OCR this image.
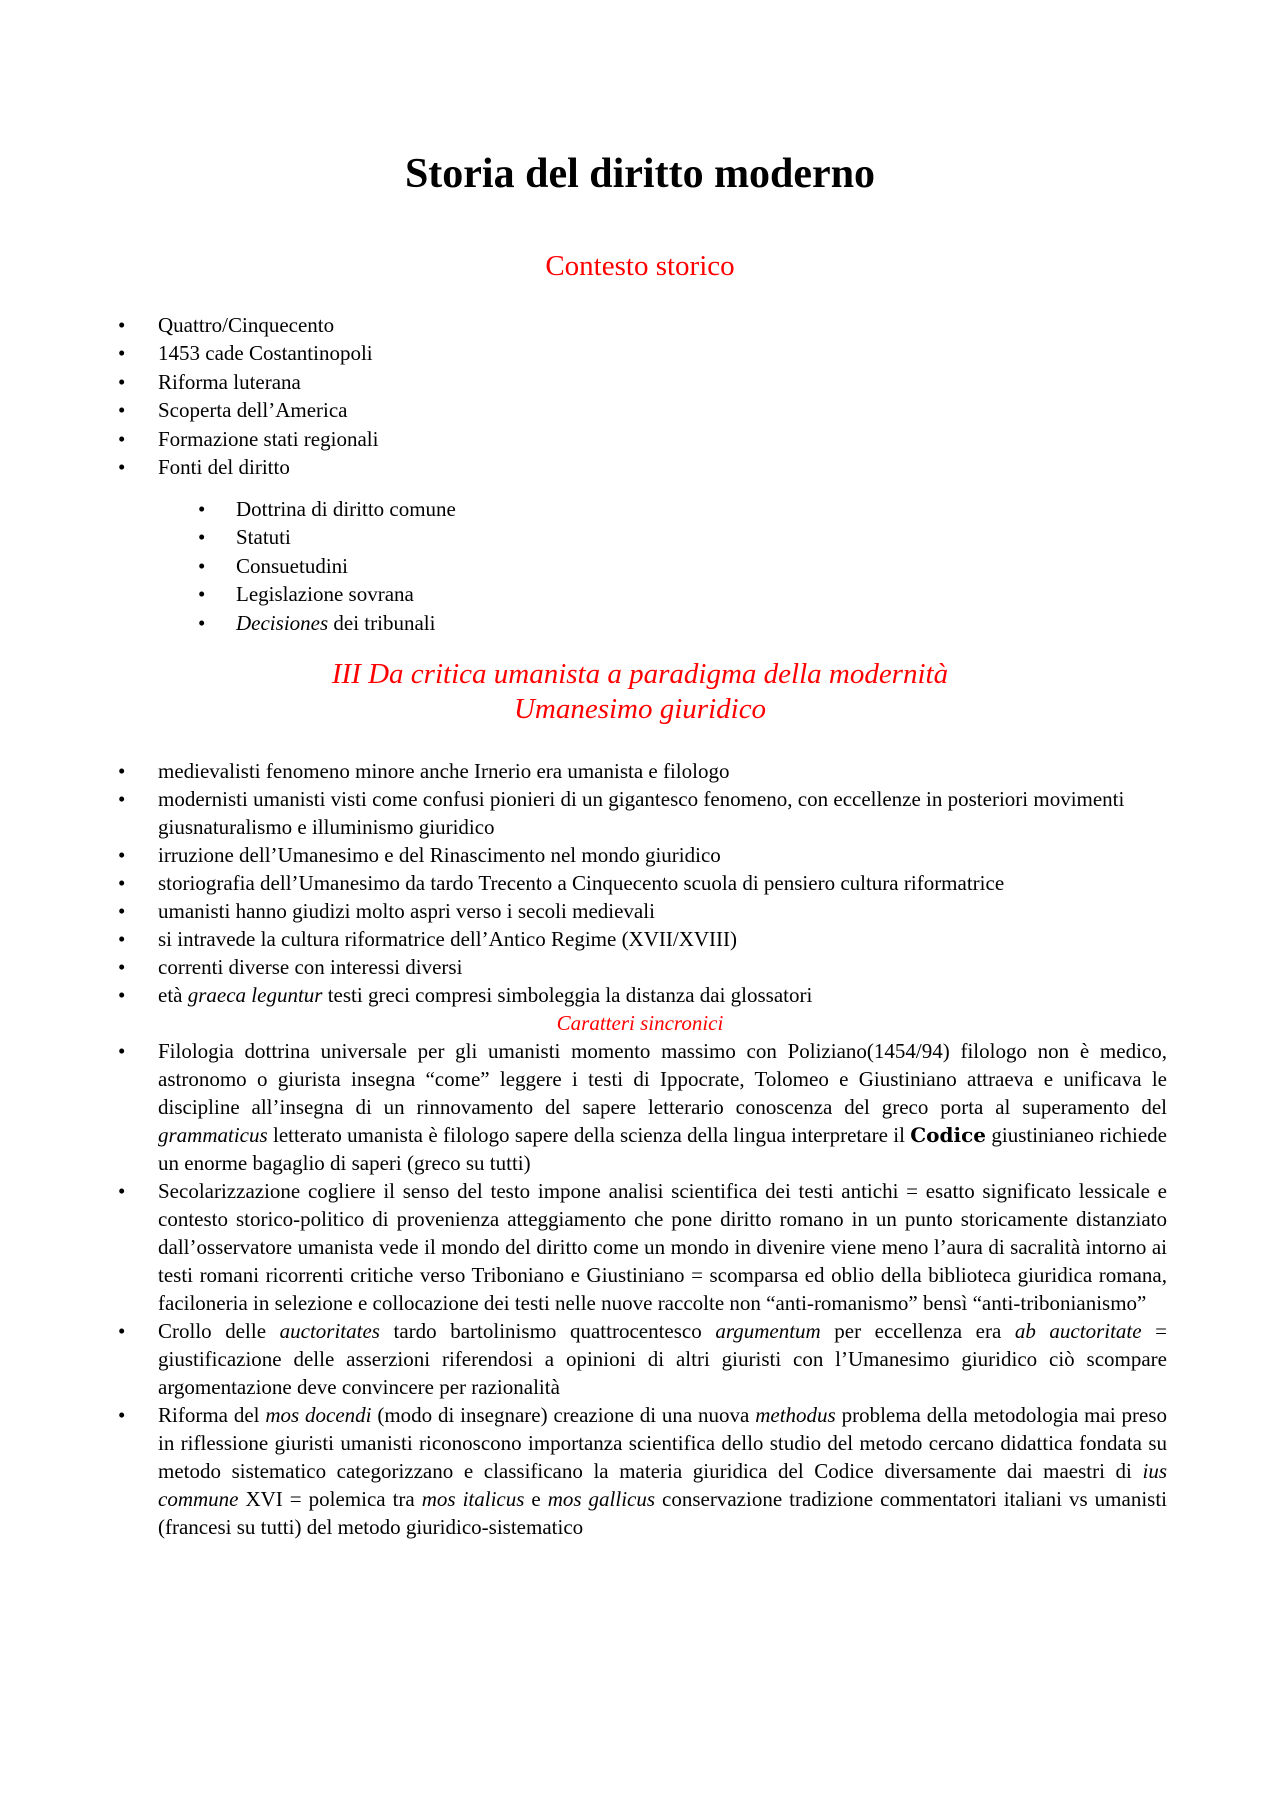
Storia del diritto moderno
Contesto storico
• Quattro/Cinquecento
• 1453 cade Costantinopoli
• Riforma luterana
• Scoperta dell’America
• Formazione stati regionali
• Fonti del diritto
• Dottrina di diritto comune
• Statuti
• Consuetudini
• Legislazione sovrana
• Decisiones dei tribunali
III Da critica umanista a paradigma della modernità
Umanesimo giuridico
• medievalisti fenomeno minore anche Irnerio era umanista e filologo
• modernisti umanisti visti come confusi pionieri di un gigantesco fenomeno, con eccellenze in posteriori movimenti giusnaturalismo e illuminismo giuridico
• irruzione dell’Umanesimo e del Rinascimento nel mondo giuridico
• storiografia dell’Umanesimo da tardo Trecento a Cinquecento scuola di pensiero cultura riformatrice
• umanisti hanno giudizi molto aspri verso i secoli medievali
• si intravede la cultura riformatrice dell’Antico Regime (XVII/XVIII)
• correnti diverse con interessi diversi
• età graeca leguntur testi greci compresi simboleggia la distanza dai glossatori
Caratteri sincronici
• Filologia dottrina universale per gli umanisti momento massimo con Poliziano(1454/94) filologo non è medico, astronomo o giurista insegna “come” leggere i testi di Ippocrate, Tolomeo e Giustiniano attraeva e unificava le discipline all’insegna di un rinnovamento del sapere letterario conoscenza del greco porta al superamento del grammaticus letterato umanista è filologo sapere della scienza della lingua interpretare il Codice giustinianeo richiede un enorme bagaglio di saperi (greco su tutti)
• Secolarizzazione cogliere il senso del testo impone analisi scientifica dei testi antichi = esatto significato lessicale e contesto storico-politico di provenienza atteggiamento che pone diritto romano in un punto storicamente distanziato dall’osservatore umanista vede il mondo del diritto come un mondo in divenire viene meno l’aura di sacralità intorno ai testi romani ricorrenti critiche verso Triboniano e Giustiniano = scomparsa ed oblio della biblioteca giuridica romana, faciloneria in selezione e collocazione dei testi nelle nuove raccolte non “anti-romanismo” bensì “anti-tribonianismo”
• Crollo delle auctoritates tardo bartolinismo quattrocentesco argumentum per eccellenza era ab auctoritate = giustificazione delle asserzioni riferendosi a opinioni di altri giuristi con l’Umanesimo giuridico ciò scompare argomentazione deve convincere per razionalità
• Riforma del mos docendi (modo di insegnare) creazione di una nuova methodus problema della metodologia mai preso in riflessione giuristi umanisti riconoscono importanza scientifica dello studio del metodo cercano didattica fondata su metodo sistematico categorizzano e classificano la materia giuridica del Codice diversamente dai maestri di ius commune XVI = polemica tra mos italicus e mos gallicus conservazione tradizione commentatori italiani vs umanisti (francesi su tutti) del metodo giuridico-sistematico
